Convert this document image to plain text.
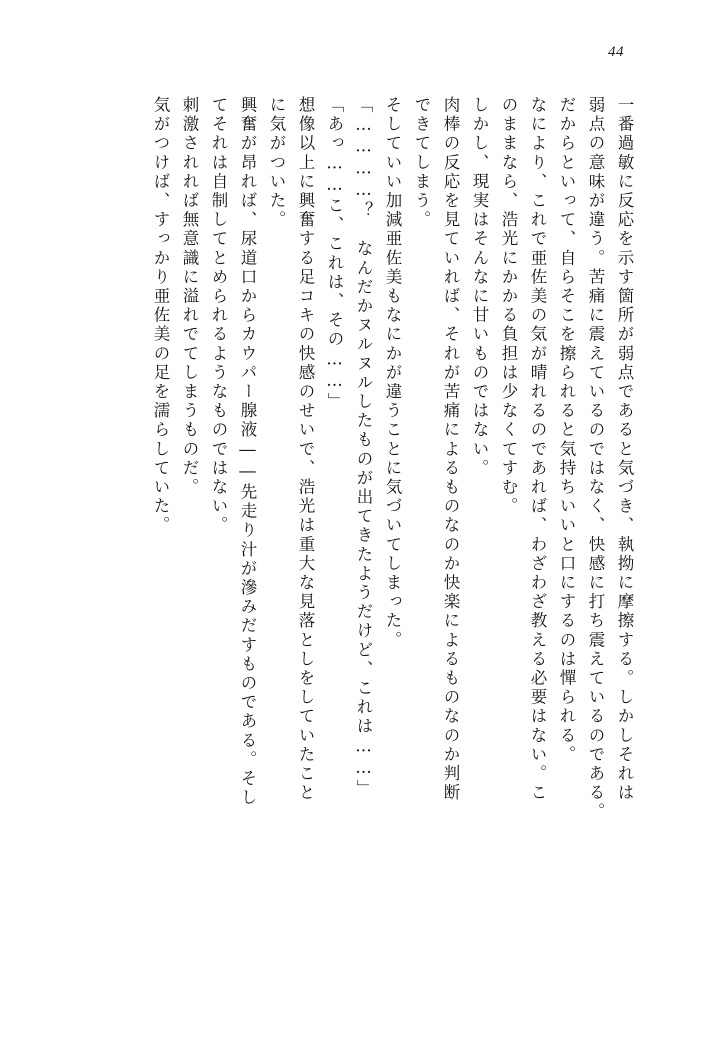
44
一番過敏に反応を示す箇所が弱点であると気づき、執拗に摩擦する。しかしそれは
弱点の意味が違う。苦痛に震えているのではなく、快感に打ち震えているのである。
だからといって、自らそこを擦られると気持ちいいと口にするのは憚られる。
なにより、これで亜佐美の気が晴れるのであれば、わざわざ教える必要はない。こ
のままなら、浩光にかかる負担は少なくてすむ。
しかし、現実はそんなに甘いものではない。
肉棒の反応を見ていれば、それが苦痛によるものなのか快楽によるものなのか判断
できてしまう。
そしていい加減亜佐美もなにかが違うことに気づいてしまった。
「…………？　なんだかヌルヌルしたものが出てきたようだけど、これは……」
「あっ……こ、これは、その……」
想像以上に興奮する足コキの快感のせいで、浩光は重大な見落としをしていたこと
に気がついた。
興奮が昂れば、尿道口からカウパー腺液――先走り汁が滲みだすものである。そし
てそれは自制してとめられるようなものではない。
刺激されれば無意識に溢れでてしまうものだ。
気がつけば、すっかり亜佐美の足を濡らしていた。
